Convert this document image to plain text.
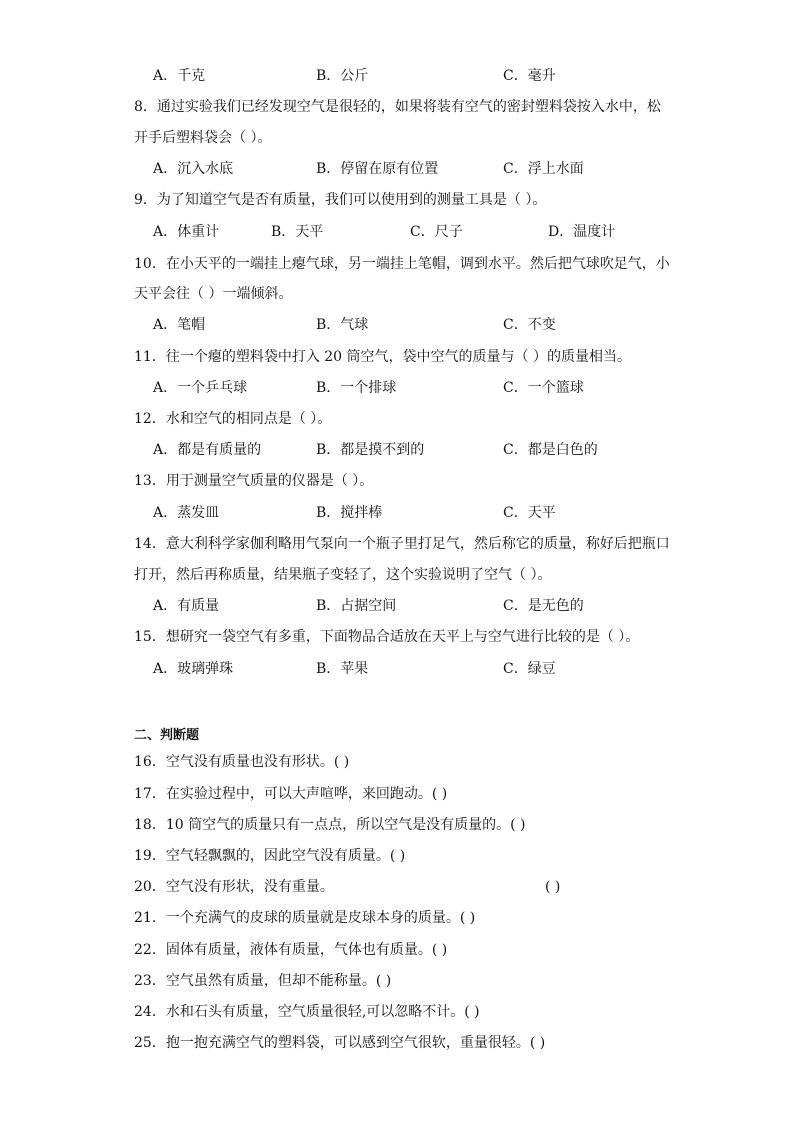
A．千克	B．公斤	C．毫升
8．通过实验我们已经发现空气是很轻的，如果将装有空气的密封塑料袋按入水中，松
开手后塑料袋会（ ）。
A．沉入水底	B．停留在原有位置	C．浮上水面
9．为了知道空气是否有质量，我们可以使用到的测量工具是（ ）。
A．体重计	B．天平	C．尺子	D．温度计
10．在小天平的一端挂上瘪气球，另一端挂上笔帽，调到水平。然后把气球吹足气，小
天平会往（ ）一端倾斜。
A．笔帽	B．气球	C．不变
11．往一个瘪的塑料袋中打入 20 筒空气，袋中空气的质量与（ ）的质量相当。
A．一个乒乓球	B．一个排球	C．一个篮球
12．水和空气的相同点是（ ）。
A．都是有质量的	B．都是摸不到的	C．都是白色的
13．用于测量空气质量的仪器是（ ）。
A．蒸发皿	B．搅拌棒	C．天平
14．意大利科学家伽利略用气泵向一个瓶子里打足气，然后称它的质量，称好后把瓶口
打开，然后再称质量，结果瓶子变轻了，这个实验说明了空气（ ）。
A．有质量	B．占据空间	C．是无色的
15．想研究一袋空气有多重，下面物品合适放在天平上与空气进行比较的是（ ）。
A．玻璃弹珠	B．苹果	C．绿豆
二、判断题
16．空气没有质量也没有形状。( )
17．在实验过程中，可以大声喧哗，来回跑动。( )
18．10 筒空气的质量只有一点点，所以空气是没有质量的。( )
19．空气轻飘飘的，因此空气没有质量。( )
20．空气没有形状，没有重量。	( )
21．一个充满气的皮球的质量就是皮球本身的质量。( )
22．固体有质量，液体有质量，气体也有质量。( )
23．空气虽然有质量，但却不能称量。( )
24．水和石头有质量，空气质量很轻,可以忽略不计。( )
25．抱一抱充满空气的塑料袋，可以感到空气很软，重量很轻。( )
